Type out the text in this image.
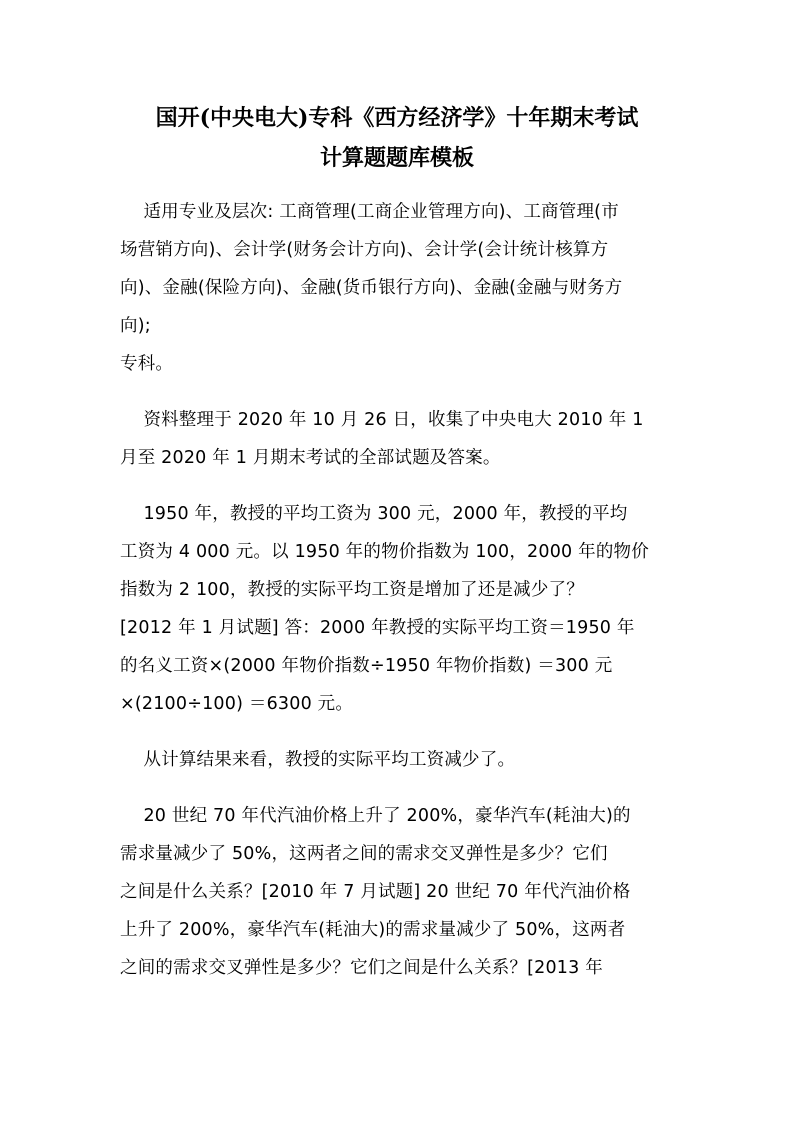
国开(中央电大)专科《西方经济学》十年期末考试
计算题题库模板
　 适用专业及层次: 工商管理(工商企业管理方向)、工商管理(市
场营销方向)、会计学(财务会计方向)、会计学(会计统计核算方
向)、金融(保险方向)、金融(货币银行方向)、金融(金融与财务方
向);
专科。
　 资料整理于 2020 年 10 月 26 日，收集了中央电大 2010 年 1
月至 2020 年 1 月期末考试的全部试题及答案。
　 1950 年，教授的平均工资为 300 元，2000 年，教授的平均
工资为 4 000 元。以 1950 年的物价指数为 100，2000 年的物价
指数为 2 100，教授的实际平均工资是增加了还是减少了？
[2012 年 1 月试题] 答：2000 年教授的实际平均工资＝1950 年
的名义工资×(2000 年物价指数÷1950 年物价指数) ＝300 元
×(2100÷100) ＝6300 元。
　 从计算结果来看，教授的实际平均工资减少了。
　 20 世纪 70 年代汽油价格上升了 200%，豪华汽车(耗油大)的
需求量减少了 50%，这两者之间的需求交叉弹性是多少？它们
之间是什么关系？[2010 年 7 月试题] 20 世纪 70 年代汽油价格
上升了 200%，豪华汽车(耗油大)的需求量减少了 50%，这两者
之间的需求交叉弹性是多少？它们之间是什么关系？[2013 年
